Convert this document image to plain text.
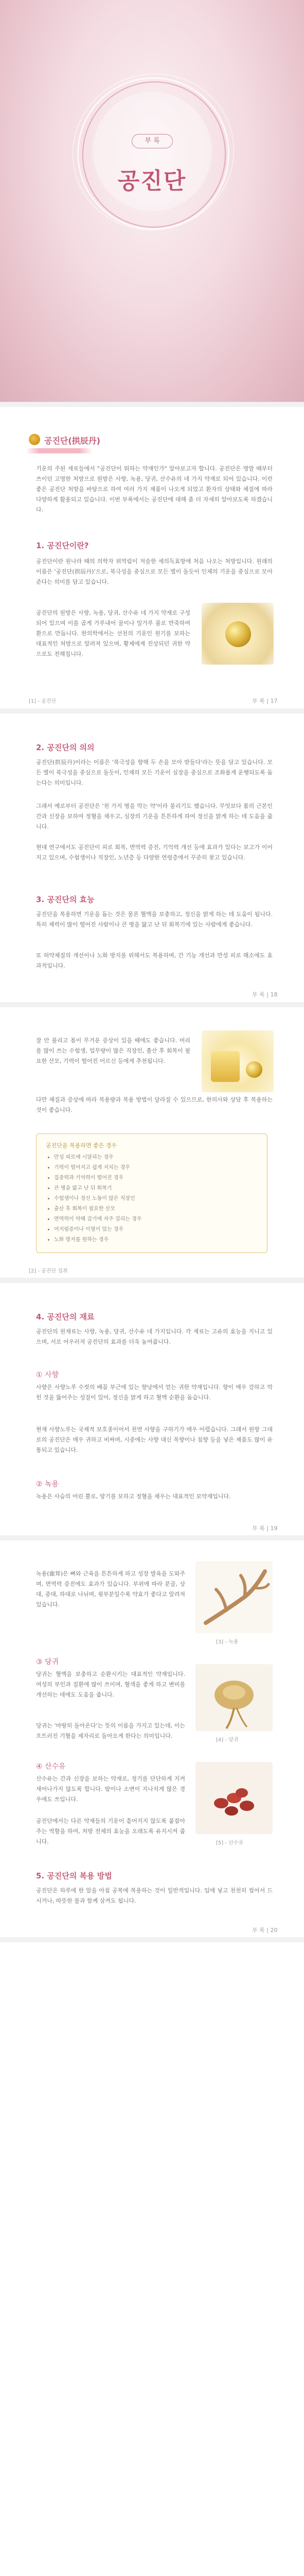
부 록
공진단
공진단(拱辰丹)
기운의 주된 재료들에서 "공진단이 뭐하는 약재인가" 알아보고자 합니다. 공진단은 명말 때부터 쓰이던 고명한 처방으로 원방은 사향, 녹용, 당귀, 산수유의 네 가지 약재로 되어 있습니다. 이런 좋은 공진단 처방을 바탕으로 하여 여러 가지 제품이 나오게 되었고 환자의 상태와 체질에 따라 다양하게 활용되고 있습니다. 이번 부록에서는 공진단에 대해 좀 더 자세히 알아보도록 하겠습니다.
1. 공진단이란?
공진단이란 원나라 때의 의학자 위역림이 저술한 세의득효방에 처음 나오는 처방입니다. 원래의 이름은 '공진단(拱辰丹)'으로, 북극성을 중심으로 모든 별이 돌듯이 인체의 기운을 중심으로 모아준다는 의미를 담고 있습니다.
공진단의 원방은 사향, 녹용, 당귀, 산수유 네 가지 약재로 구성되어 있으며 이를 곱게 가루내어 꿀이나 밀가루 풀로 반죽하여 환으로 만듭니다. 한의학에서는 선천의 기운인 원기를 보하는 대표적인 처방으로 알려져 있으며, 황제에게 진상되던 귀한 약으로도 전해집니다.
[1] - 공진단	부 록 | 17
2. 공진단의 의의
공진단(拱辰丹)이라는 이름은 '북극성을 향해 두 손을 모아 받들다'라는 뜻을 담고 있습니다. 모든 별이 북극성을 중심으로 돌듯이, 인체의 모든 기운이 심장을 중심으로 조화롭게 운행되도록 돕는다는 의미입니다.
그래서 예로부터 공진단은 '천 가지 병을 막는 약'이라 불리기도 했습니다. 무엇보다 몸의 근본인 간과 신장을 보하여 정혈을 채우고, 심장의 기운을 튼튼하게 하여 정신을 맑게 하는 데 도움을 줍니다.
현대 연구에서도 공진단이 피로 회복, 면역력 증진, 기억력 개선 등에 효과가 있다는 보고가 이어지고 있으며, 수험생이나 직장인, 노년층 등 다양한 연령층에서 꾸준히 찾고 있습니다.
3. 공진단의 효능
공진단을 복용하면 기운을 돕는 것은 물론 혈액을 보충하고, 정신을 맑게 하는 데 도움이 됩니다. 특히 체력이 많이 떨어진 사람이나 큰 병을 앓고 난 뒤 회복기에 있는 사람에게 좋습니다.
또 허약체질의 개선이나 노화 방지를 위해서도 복용하며, 간 기능 개선과 만성 피로 해소에도 효과적입니다.
부 록 | 18
잘 안 풀리고 몸이 무거운 증상이 있을 때에도 좋습니다. 머리를 많이 쓰는 수험생, 업무량이 많은 직장인, 출산 후 회복이 필요한 산모, 기력이 떨어진 어르신 등에게 추천됩니다.
다만 체질과 증상에 따라 복용량과 복용 방법이 달라질 수 있으므로, 한의사와 상담 후 복용하는 것이 좋습니다.
공진단을 복용하면 좋은 경우
• 만성 피로에 시달리는 경우
• 기력이 떨어지고 쉽게 지치는 경우
• 집중력과 기억력이 떨어진 경우
• 큰 병을 앓고 난 뒤 회복기
• 수험생이나 정신 노동이 많은 직장인
• 출산 후 회복이 필요한 산모
• 면역력이 약해 감기에 자주 걸리는 경우
• 어지럼증이나 이명이 있는 경우
• 노화 방지를 원하는 경우
[2] - 공진단 섭취
4. 공진단의 재료
공진단의 원재료는 사향, 녹용, 당귀, 산수유 네 가지입니다. 각 재료는 고유의 효능을 지니고 있으며, 서로 어우러져 공진단의 효과를 더욱 높여줍니다.
① 사향
사향은 사향노루 수컷의 배꼽 부근에 있는 향낭에서 얻는 귀한 약재입니다. 향이 매우 강하고 막힌 것을 뚫어주는 성질이 있어, 정신을 맑게 하고 혈액 순환을 돕습니다.
현재 사향노루는 국제적 보호종이어서 천연 사향을 구하기가 매우 어렵습니다. 그래서 원방 그대로의 공진단은 매우 귀하고 비싸며, 시중에는 사향 대신 목향이나 침향 등을 넣은 제품도 많이 유통되고 있습니다.
② 녹용
녹용은 사슴의 어린 뿔로, 양기를 보하고 정혈을 채우는 대표적인 보약재입니다.
부 록 | 19
녹용(鹿茸)은 뼈와 근육을 튼튼하게 하고 성장 발육을 도와주며, 면역력 증진에도 효과가 있습니다. 부위에 따라 분골, 상대, 중대, 하대로 나뉘며, 윗부분일수록 약효가 좋다고 알려져 있습니다.
[3] - 녹용
③ 당귀
당귀는 혈액을 보충하고 순환시키는 대표적인 약재입니다. 여성의 부인과 질환에 많이 쓰이며, 혈색을 좋게 하고 변비를 개선하는 데에도 도움을 줍니다.
당귀는 '마땅히 돌아온다'는 뜻의 이름을 가지고 있는데, 이는 흐트러진 기혈을 제자리로 돌아오게 한다는 의미입니다.
[4] - 당귀
④ 산수유
산수유는 간과 신장을 보하는 약재로, 정기를 단단하게 지켜 새어나가지 않도록 합니다. 땀이나 소변이 지나치게 많은 경우에도 쓰입니다.
공진단에서는 다른 약재들의 기운이 흩어지지 않도록 붙잡아 주는 역할을 하여, 처방 전체의 효능을 오래도록 유지시켜 줍니다.	[5] - 산수유
5. 공진단의 복용 방법
공진단은 하루에 한 알을 아침 공복에 복용하는 것이 일반적입니다. 입에 넣고 천천히 씹어서 드시거나, 따뜻한 물과 함께 삼켜도 됩니다.
부 록 | 20
